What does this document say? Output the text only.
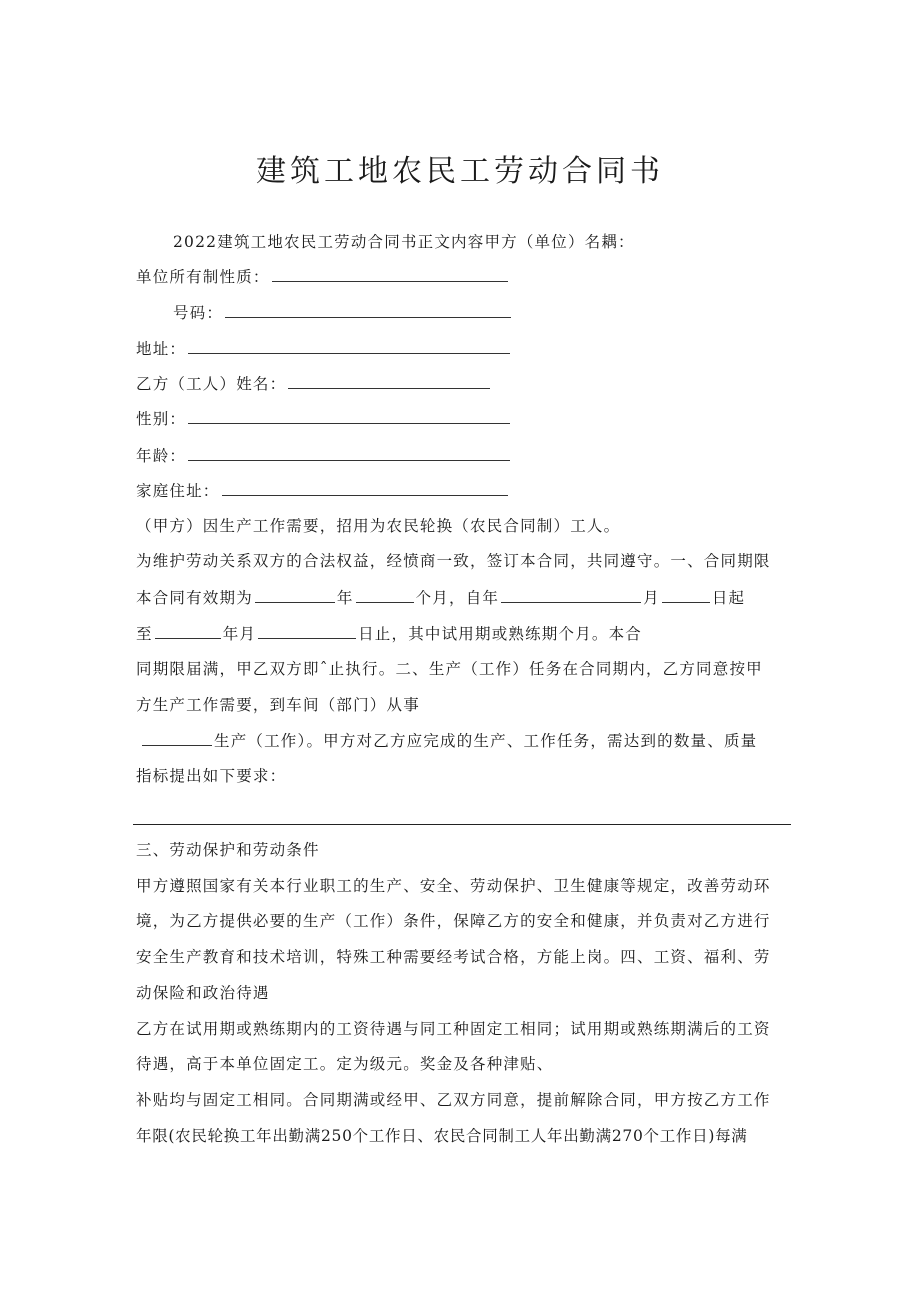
建筑工地农民工劳动合同书
2022建筑工地农民工劳动合同书正文内容甲方（单位）名耦：
单位所有制性质：
号码：
地址：
乙方（工人）姓名：
性别：
年龄：
家庭住址：
（甲方）因生产工作需要，招用为农民轮换（农民合同制）工人。
为维护劳动关系双方的合法权益，经愤商一致，签订本合同，共同遵守。一、合同期限
本合同有效期为	年	个月，自年	月	日起
至	年月	日止，其中试用期或熟练期个月。本合
同期限届满，甲乙双方即ˆ止执行。二、生产（工作）任务在合同期内，乙方同意按甲
方生产工作需要，到车间（部门）从事
生产（工作）。甲方对乙方应完成的生产、工作任务，需达到的数量、质量
指标提出如下要求：
三、劳动保护和劳动条件
甲方遵照国家有关本行业职工的生产、安全、劳动保护、卫生健康等规定，改善劳动环
境，为乙方提供必要的生产（工作）条件，保障乙方的安全和健康，并负责对乙方进行
安全生产教育和技术培训，特殊工种需要经考试合格，方能上岗。四、工资、福利、劳
动保险和政治待遇
乙方在试用期或熟练期内的工资待遇与同工种固定工相同；试用期或熟练期满后的工资
待遇，高于本单位固定工。定为级元。奖金及各种津贴、
补贴均与固定工相同。合同期满或经甲、乙双方同意，提前解除合同，甲方按乙方工作
年限(农民轮换工年出勤满250个工作日、农民合同制工人年出勤满270个工作日)每满
